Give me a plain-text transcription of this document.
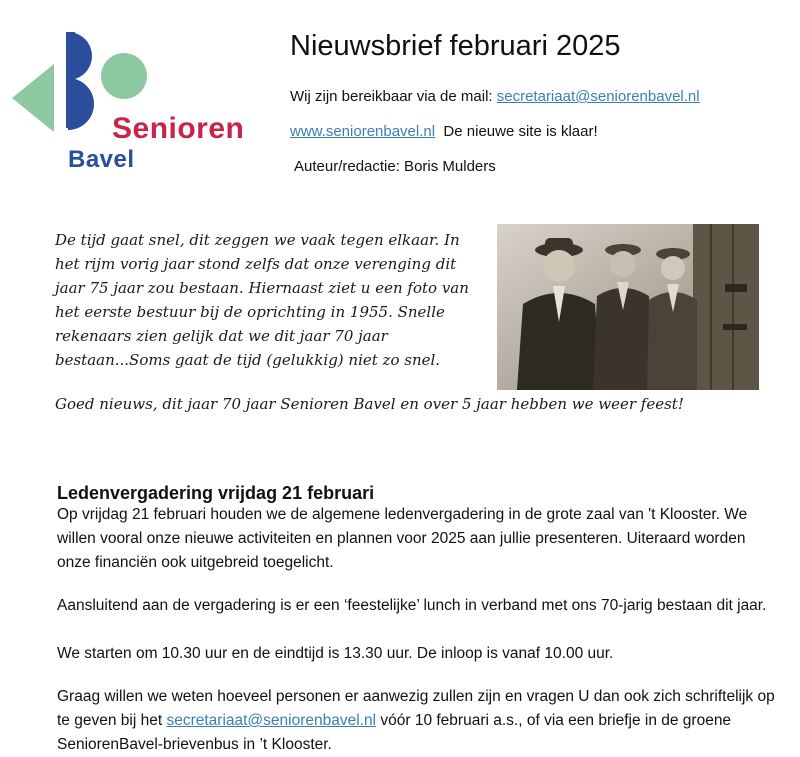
Senioren
Bavel
Nieuwsbrief februari 2025
Wij zijn bereikbaar via de mail: secretariaat@seniorenbavel.nl
www.seniorenbavel.nl De nieuwe site is klaar!
Auteur/redactie: Boris Mulders
De tijd gaat snel, dit zeggen we vaak tegen elkaar. In het rijm vorig jaar stond zelfs dat onze verenging dit jaar 75 jaar zou bestaan. Hiernaast ziet u een foto van het eerste bestuur bij de oprichting in 1955. Snelle rekenaars zien gelijk dat we dit jaar 70 jaar bestaan...Soms gaat de tijd (gelukkig) niet zo snel.
Goed nieuws, dit jaar 70 jaar Senioren Bavel en over 5 jaar hebben we weer feest!
Ledenvergadering vrijdag 21 februari
Op vrijdag 21 februari houden we de algemene ledenvergadering in de grote zaal van 't Klooster. We willen vooral onze nieuwe activiteiten en plannen voor 2025 aan jullie presenteren. Uiteraard worden onze financiën ook uitgebreid toegelicht.
Aansluitend aan de vergadering is er een ‘feestelijke’ lunch in verband met ons 70-jarig bestaan dit jaar.
We starten om 10.30 uur en de eindtijd is 13.30 uur. De inloop is vanaf 10.00 uur.
Graag willen we weten hoeveel personen er aanwezig zullen zijn en vragen U dan ook zich schriftelijk op te geven bij het secretariaat@seniorenbavel.nl vóór 10 februari a.s., of via een briefje in de groene SeniorenBavel-brievenbus in ’t Klooster.
